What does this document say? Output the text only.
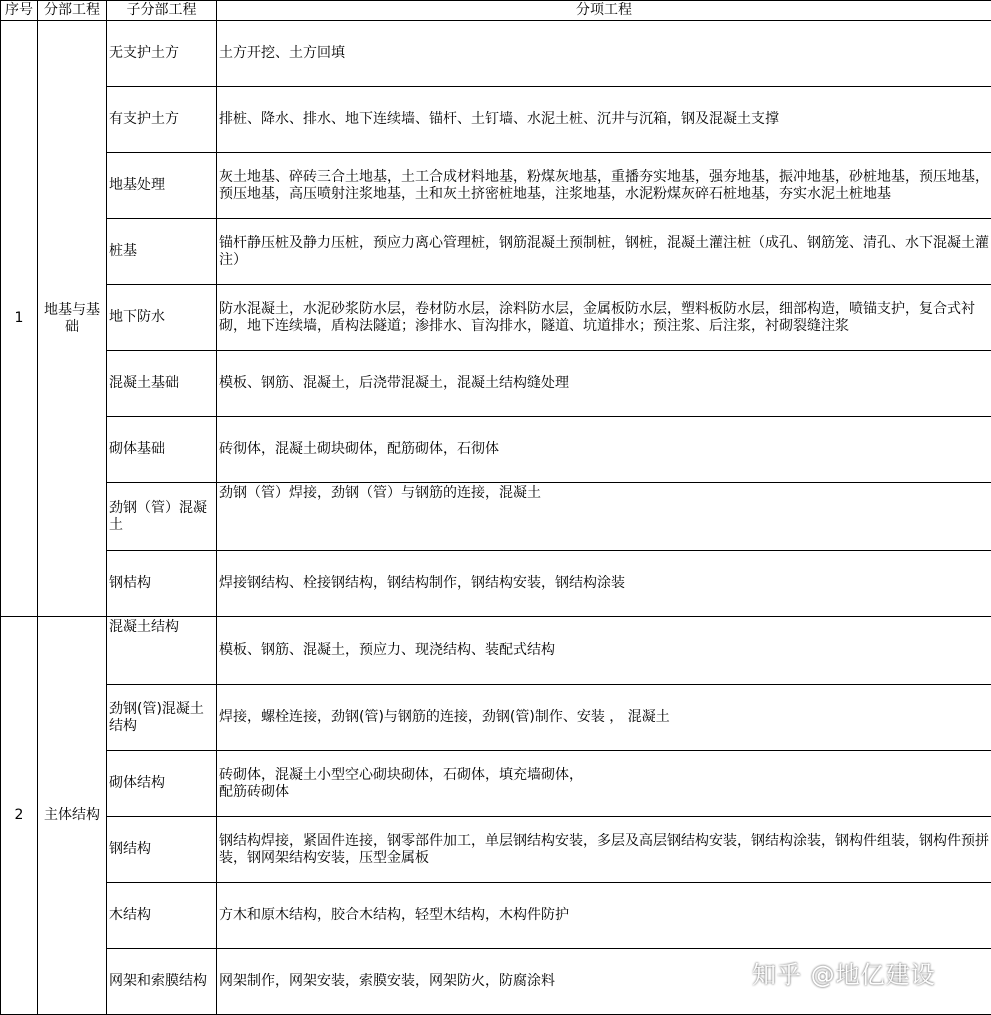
序号	分部工程	子分部工程	分项工程
1	地基与基础	无支护土方	土方开挖、土方回填
		有支护土方	排桩、降水、排水、地下连续墙、锚杆、土钉墙、水泥土桩、沉井与沉箱，钢及混凝土支撑
		地基处理	灰土地基、碎砖三合土地基，土工合成材料地基，粉煤灰地基，重播夯实地基，强夯地基，振冲地基，砂桩地基，预压地基，预压地基，高压喷射注浆地基，土和灰土挤密桩地基，注浆地基，水泥粉煤灰碎石桩地基，夯实水泥土桩地基
		桩基	锚杆静压桩及静力压桩，预应力离心管理桩，钢筋混凝土预制桩，钢桩，混凝土灌注桩（成孔、钢筋笼、清孔、水下混凝土灌注）
		地下防水	防水混凝土，水泥砂浆防水层，卷材防水层，涂料防水层，金属板防水层，塑料板防水层，细部构造，喷锚支护，复合式衬砌，地下连续墙，盾构法隧道；渗排水、盲沟排水，隧道、坑道排水；预注浆、后注浆，衬砌裂缝注浆
		混凝土基础	模板、钢筋、混凝土，后浇带混凝土，混凝土结构缝处理
		砌体基础	砖彻体，混凝土砌块砌体，配筋砌体，石彻体
		劲钢（管）混凝土	劲钢（管）焊接，劲钢（管）与钢筋的连接，混凝土
		钢桔构	焊接钢结构、栓接钢结构，钢结构制作，钢结构安装，钢结构涂装
2	主体结构	混凝土结构	模板、钢筋、混凝土，预应力、现浇结构、装配式结构
		劲钢(管)混凝土结构	焊接，螺栓连接，劲钢(管)与钢筋的连接，劲钢(管)制作、安装 ， 混凝土
		砌体结构	砖砌体，混凝土小型空心砌块砌体，石砌体，填充墙砌体，配筋砖砌体
		钢结构	钢结构焊接，紧固件连接，钢零部件加工，单层钢结构安装，多层及高层钢结构安装，钢结构涂装，钢构件组装，钢构件预拼装，钢网架结构安装，压型金属板
		木结构	方木和原木结构，胶合木结构，轻型木结构，木构件防护
		网架和索膜结构	网架制作，网架安装，索膜安装，网架防火，防腐涂料	知乎 @地亿建设
